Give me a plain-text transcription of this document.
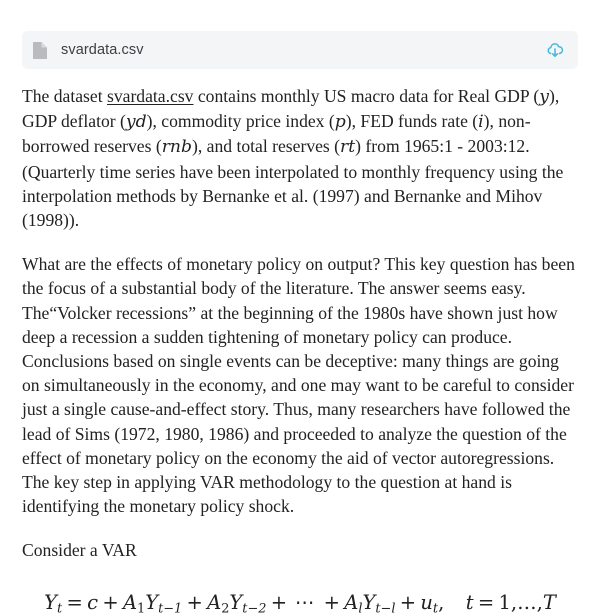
svardata.csv

The dataset svardata.csv contains monthly US macro data for Real GDP (y), GDP deflator (yd), commodity price index (p), FED funds rate (i), non-borrowed reserves (rnb), and total reserves (rt) from 1965:1 - 2003:12. (Quarterly time series have been interpolated to monthly frequency using the interpolation methods by Bernanke et al. (1997) and Bernanke and Mihov (1998)).

What are the effects of monetary policy on output? This key question has been the focus of a substantial body of the literature. The answer seems easy. The“Volcker recessions” at the beginning of the 1980s have shown just how deep a recession a sudden tightening of monetary policy can produce. Conclusions based on single events can be deceptive: many things are going on simultaneously in the economy, and one may want to be careful to consider just a single cause-and-effect story. Thus, many researchers have followed the lead of Sims (1972, 1980, 1986) and proceeded to analyze the question of the effect of monetary policy on the economy the aid of vector autoregressions. The key step in applying VAR methodology to the question at hand is identifying the monetary policy shock.

Consider a VAR

$Y_t = c + A_1Y_{t-1} + A_2Y_{t-2}$ + ⋯ + $A_lY_{t-l} + u_t$, t = 1,…,T
